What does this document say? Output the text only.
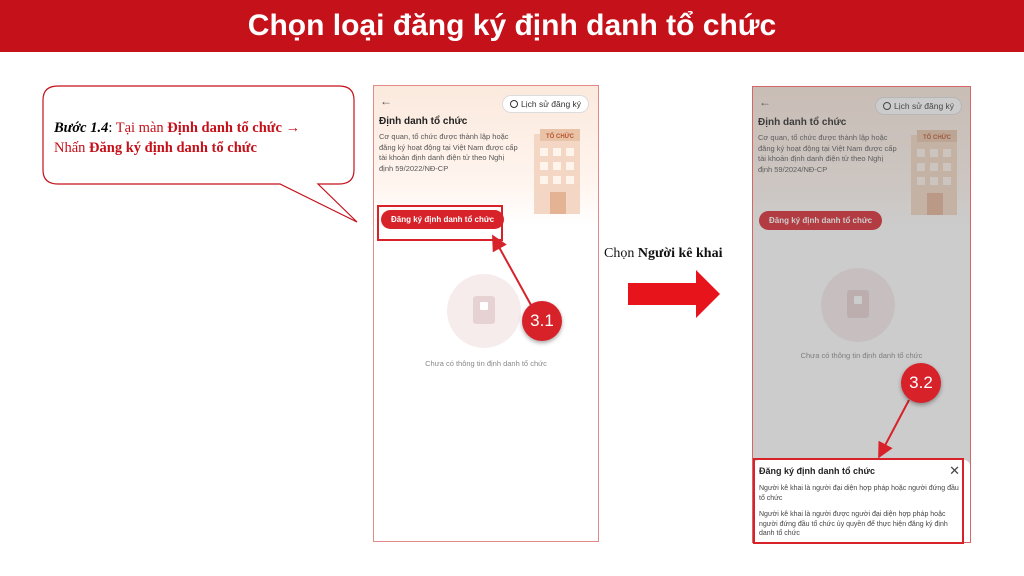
Chọn loại đăng ký định danh tổ chức
Bước 1.4: Tại màn Định danh tổ chức →
Nhấn Đăng ký định danh tổ chức
←	Lịch sử đăng ký
Định danh tổ chức
Cơ quan, tổ chức được thành lập hoặc đăng ký hoạt động tại Việt Nam được cấp tài khoản định danh điện tử theo Nghị định 59/2022/NĐ-CP
TỔ CHỨC
Đăng ký định danh tổ chức
Chưa có thông tin định danh tổ chức
←	Lịch sử đăng ký
Định danh tổ chức
Cơ quan, tổ chức được thành lập hoặc đăng ký hoạt động tại Việt Nam được cấp tài khoản định danh điện tử theo Nghị định 59/2024/NĐ-CP
TỔ CHỨC
Đăng ký định danh tổ chức
Chưa có thông tin định danh tổ chức
Đăng ký định danh tổ chức	✕
Người kê khai là người đại diện hợp pháp hoặc người đứng đầu tổ chức
Người kê khai là người được người đại diện hợp pháp hoặc người đứng đầu tổ chức ủy quyền để thực hiện đăng ký định danh tổ chức
Chọn Người kê khai
3.1
3.2
